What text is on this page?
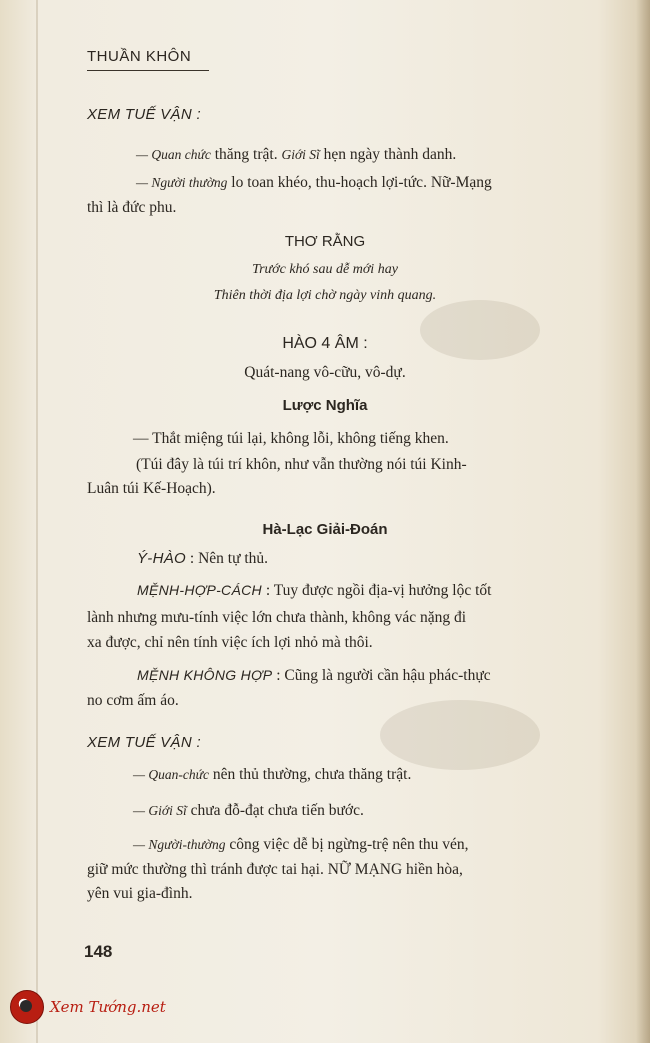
THUẦN KHÔN
XEM TUẾ VẬN :
— Quan chức thăng trật. Giới Sĩ hẹn ngày thành danh.
— Người thường lo toan khéo, thu-hoạch lợi-tức. Nữ-Mạng
thì là đức phu.
THƠ RẰNG
Trước khó sau dễ mới hay
Thiên thời địa lợi chờ ngày vinh quang.
HÀO 4 ÂM :
Quát-nang vô-cữu, vô-dự.
Lược Nghĩa
— Thắt miệng túi lại, không lỗi, không tiếng khen.
(Túi đây là túi trí khôn, như vẫn thường nói túi Kinh-
Luân túi Kế-Hoạch).
Hà-Lạc Giải-Đoán
Ý-HÀO : Nên tự thủ.
MỆNH-HỢP-CÁCH : Tuy được ngồi địa-vị hưởng lộc tốt
lành nhưng mưu-tính việc lớn chưa thành, không vác nặng đi
xa được, chỉ nên tính việc ích lợi nhỏ mà thôi.
MỆNH KHÔNG HỢP : Cũng là người cần hậu phác-thực
no cơm ấm áo.
XEM TUẾ VẬN :
— Quan-chức nên thủ thường, chưa thăng trật.
— Giới Sĩ chưa đỗ-đạt chưa tiến bước.
— Người-thường công việc dễ bị ngừng-trệ nên thu vén,
giữ mức thường thì tránh được tai hại. NỮ MẠNG hiền hòa,
yên vui gia-đình.
148
Xem Tướng.net
